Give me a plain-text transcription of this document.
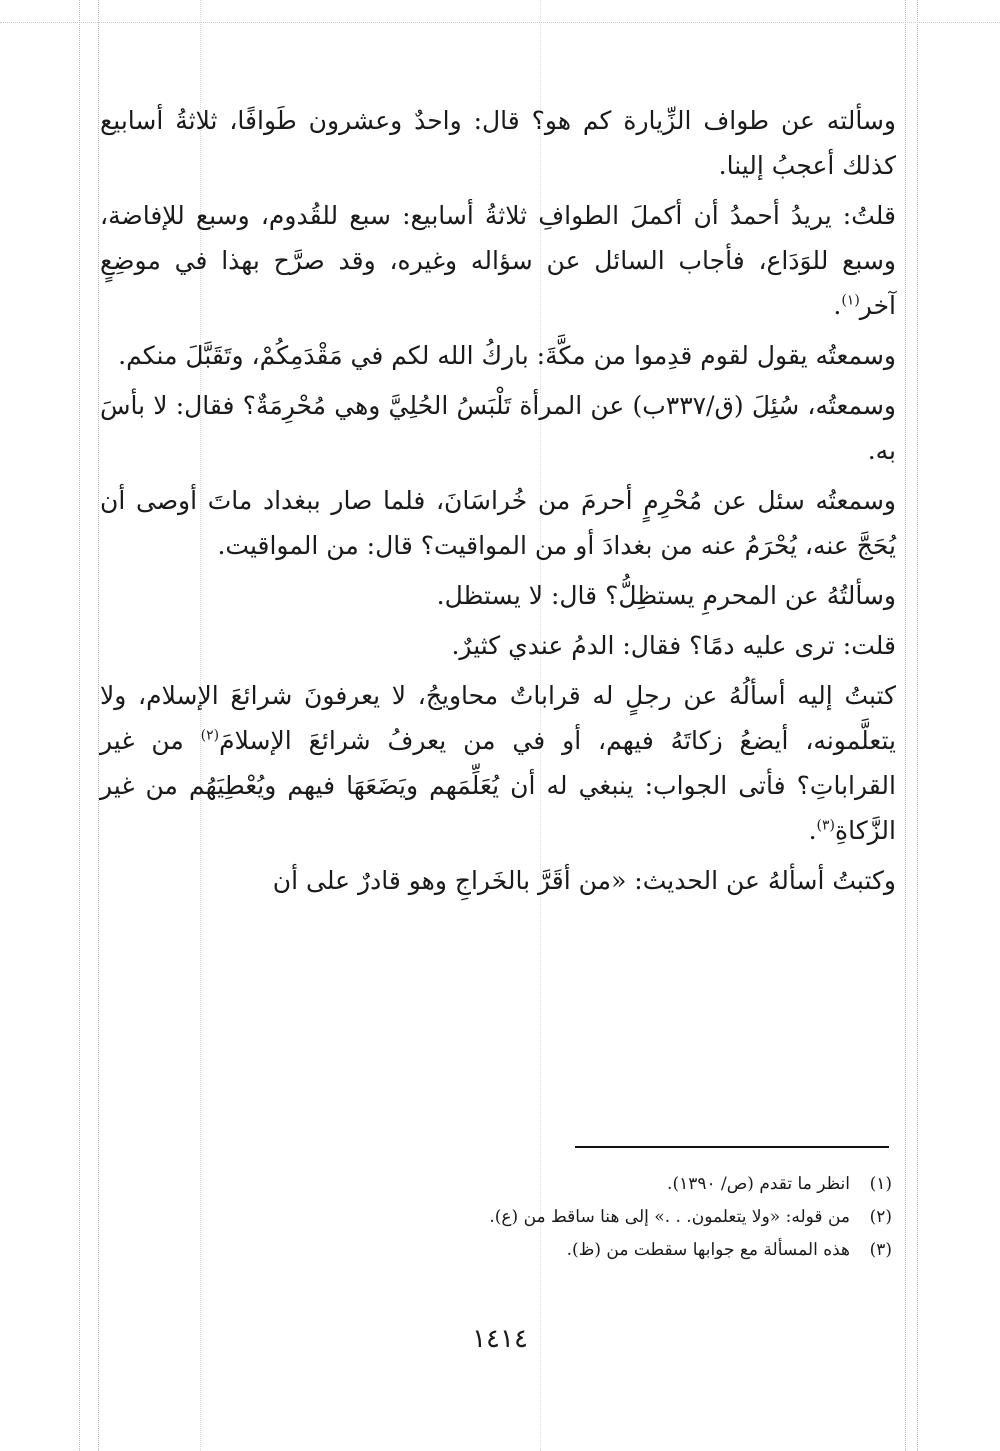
وسألته عن طواف الزِّيارة كم هو؟ قال: واحدٌ وعشرون طَوافًا، ثلاثةُ أسابيع كذلك أعجبُ إلينا.

قلتُ: يريدُ أحمدُ أن أكملَ الطوافِ ثلاثةُ أسابيع: سبع للقُدوم، وسبع للإفاضة، وسبع للوَدَاع، فأجاب السائل عن سؤاله وغيره، وقد صرَّح بهذا في موضِعٍ آخر$^{(١)}$.

وسمعتُه يقول لقوم قدِموا من مكَّةَ: باركُ الله لكم في مَقْدَمِكُمْ، وتَقَبَّلَ منكم.

وسمعتُه، سُئِلَ (ق/٣٣٧ب) عن المرأة تَلْبَسُ الحُلِيَّ وهي مُحْرِمَةٌ؟ فقال: لا بأسَ به.

وسمعتُه سئل عن مُحْرِمٍ أحرمَ من خُراسَانَ، فلما صار ببغداد ماتَ أوصى أن يُحَجَّ عنه، يُحْرَمُ عنه من بغدادَ أو من المواقيت؟ قال: من المواقيت.

وسألتُهُ عن المحرمِ يستظِلُّ؟ قال: لا يستظل.

قلت: ترى عليه دمًا؟ فقال: الدمُ عندي كثيرٌ.

كتبتُ إليه أسألُهُ عن رجلٍ له قراباتٌ محاويجُ، لا يعرفونَ شرائعَ الإسلام، ولا يتعلَّمونه، أيضعُ زكاتَهُ فيهم، أو في من يعرفُ شرائعَ الإسلامَ$^{(٢)}$ من غير القراباتِ؟ فأتى الجواب: ينبغي له أن يُعَلِّمَهم ويَضَعَهَا فيهم ويُعْطِيَهُم من غير الزَّكاةِ$^{(٣)}$.

وكتبتُ أسألهُ عن الحديث: «من أقَرَّ بالخَراجِ وهو قادرٌ على أن

(١)انظر ما تقدم (ص/ ١٣٩٠).

(٢)من قوله: «ولا يتعلمون. . .» إلى هنا ساقط من (ع).

(٣)هذه المسألة مع جوابها سقطت من (ظ).

١٤١٤
